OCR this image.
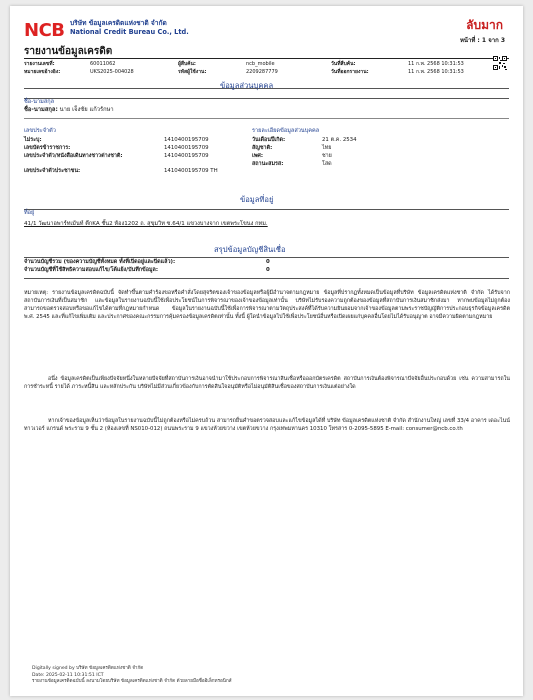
NCB บริษัท ข้อมูลเครดิตแห่งชาติ จำกัด
National Credit Bureau Co., Ltd.	ลับมาก
หน้าที่ : 1 จาก 3
รายงานข้อมูลเครดิต
รายงานเลขที่:	60011062	ผู้สืบค้น:	ncb_mobile	วันที่สืบค้น:	11 ก.พ. 2568 10:31:53
หมายเลขอ้างอิง:	UKS2025-004028	รหัสผู้ใช้งาน:	2209287779	วันที่ออกรายงาน:	11 ก.พ. 2568 10:31:53
ข้อมูลส่วนบุคคล
ชื่อ-นามสกุล
ชื่อ-นามสกุล: นาย เจ็งชัย แก้วรักษา
เลขประจำตัว	รายละเอียดข้อมูลส่วนบุคคล
ไม่ระบุ:	1410400195709
เลขบัตรข้าราชการ:	1410400195709
เลขประจำตัว/หนังสือเดินทางชาวต่างชาติ:	1410400195709
เลขประจำตัวประชาชน:	1410400195709 TH
วันเดือนปีเกิด:	21 ต.ค. 2534
สัญชาติ:	ไทย
เพศ:	ชาย
สถานะสมรส:	โสด
ข้อมูลที่อยู่
ที่อยู่
41/1 วัฒนาอพาร์ทเม้นท์ ตึกKA ชั้น2 ห้อง1202 ถ. สุขุมวิท ซ.64/1 แขวงบางจาก เขตพระโขนง กทม.
สรุปข้อมูลบัญชีสินเชื่อ
จำนวนบัญชีรวม (ของความบัญชีทั้งหมด ทั้งที่เปิดอยู่และปิดแล้ว):	0
จำนวนบัญชีที่ใช้สิทธิความสอบแก้ไข/โต้แย้ง/บันทึกข้อมูล:	0
หมายเหตุ: รายงานข้อมูลเครดิตฉบับนี้ จัดทำขึ้นตามคำร้องขอหรือคำสั่งโดยสุจริตของเจ้าของข้อมูลหรือผู้มีอำนาจตามกฎหมาย ข้อมูลที่ปรากฏทั้งหมดเป็นข้อมูลที่บริษัท ข้อมูลเครดิตแห่งชาติ จำกัด ได้รับจากสถาบันการเงินที่เป็นสมาชิก และข้อมูลในรายงานฉบับนี้ใช้เพื่อประโยชน์ในการพิจารณาของเจ้าของข้อมูลเท่านั้น บริษัทไม่รับรองความถูกต้องของข้อมูลที่สถาบันการเงินสมาชิกส่งมา หากพบข้อมูลไม่ถูกต้องสามารถขอตรวจสอบหรือขอแก้ไขได้ตามที่กฎหมายกำหนด ข้อมูลในรายงานฉบับนี้ใช้เพื่อการพิจารณาตามวัตถุประสงค์ที่ได้รับความยินยอมจากเจ้าของข้อมูลตามพระราชบัญญัติการประกอบธุรกิจข้อมูลเครดิต พ.ศ. 2545 และที่แก้ไขเพิ่มเติม และประกาศของคณะกรรมการคุ้มครองข้อมูลเครดิตเท่านั้น ทั้งนี้ ผู้ใดนำข้อมูลไปใช้เพื่อประโยชน์อื่นหรือเปิดเผยแก่บุคคลอื่นโดยไม่ได้รับอนุญาต อาจมีความผิดตามกฎหมาย
อนึ่ง ข้อมูลเครดิตเป็นเพียงปัจจัยหนึ่งในหลายปัจจัยที่สถาบันการเงินอาจนำมาใช้ประกอบการพิจารณาสินเชื่อหรือออกบัตรเครดิต สถาบันการเงินต้องพิจารณาปัจจัยอื่นประกอบด้วย เช่น ความสามารถในการชำระหนี้ รายได้ ภาระหนี้สิน และหลักประกัน บริษัทไม่มีส่วนเกี่ยวข้องกับการตัดสินใจอนุมัติหรือไม่อนุมัติสินเชื่อของสถาบันการเงินแต่อย่างใด
หากเจ้าของข้อมูลเห็นว่าข้อมูลในรายงานฉบับนี้ไม่ถูกต้องหรือไม่ครบถ้วน สามารถยื่นคำขอตรวจสอบและแก้ไขข้อมูลได้ที่ บริษัท ข้อมูลเครดิตแห่งชาติ จำกัด สำนักงานใหญ่ เลขที่ 33/4 อาคาร เดอะไนน์ ทาวเวอร์ แกรนด์ พระราม 9 ชั้น 2 (ห้องเลขที่ NS010-012) ถนนพระราม 9 แขวงห้วยขวาง เขตห้วยขวาง กรุงเทพมหานคร 10310 โทรสาร 0-2095-5895 E-mail: consumer@ncb.co.th
Digitally signed by บริษัท ข้อมูลเครดิตแห่งชาติ จำกัด
Date: 2025-02-11 10:31:51 ICT
รายงานข้อมูลเครดิตฉบับนี้ ลงนามโดยบริษัท ข้อมูลเครดิตแห่งชาติ จำกัด ด้วยลายมือชื่ออิเล็กทรอนิกส์
